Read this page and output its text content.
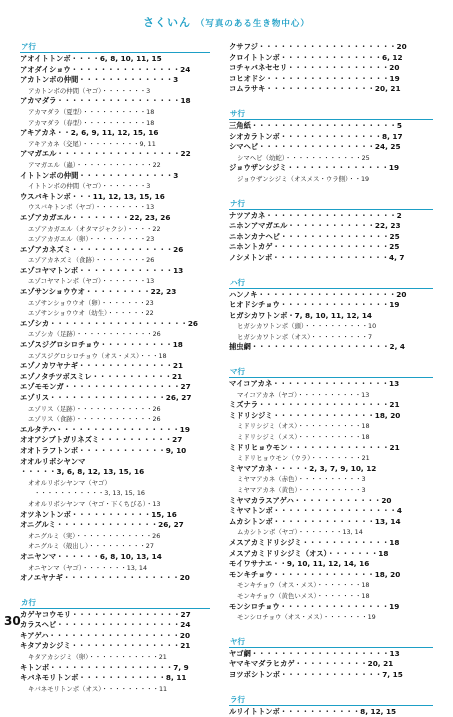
さくいん （写真のある生き物中心）
ア行
アオイトトンボ・・・・6, 8, 10, 11, 15
アオダイショウ・・・・・・・・・・・・・・・24
アカトンボの仲間・・・・・・・・・・・・・3
アカトンボの仲間（ヤゴ）・・・・・・・3
アカマダラ・・・・・・・・・・・・・・・・・18
アカマダラ（夏型）・・・・・・・・・・18
アカマダラ（春型）・・・・・・・・・・18
アキアカネ・・2, 6, 9, 11, 12, 15, 16
アキアカネ（交尾）・・・・・・・・・9, 11
アマガエル・・・・・・・・・・・・・・・・・22
アマガエル（蟲）・・・・・・・・・・・・22
イトトンボの仲間・・・・・・・・・・・・・3
イトトンボの仲間（ヤゴ）・・・・・・・3
ウスバキトンボ・・・11, 12, 13, 15, 16
ウスバキトンボ（ヤゴ）・・・・・・・・13
エゾアカガエル・・・・・・・・22, 23, 26
エゾアカガエル（オタマジャクシ）・・・・22
エゾアカガエル（卵）・・・・・・・・・23
エゾアカネズミ・・・・・・・・・・・・・・26
エゾアカネズミ（食跡）・・・・・・・・26
エゾコヤマトンボ・・・・・・・・・・・・・13
エゾコヤマトンボ（ヤゴ）・・・・・・・13
エゾサンショウウオ・・・・・・・・・22, 23
エゾサンショウウオ（卵）・・・・・・・23
エゾサンショウウオ（幼生）・・・・・・22
エゾシカ・・・・・・・・・・・・・・・・・・・26
エゾシカ（足跡）・・・・・・・・・・・・26
エゾスジグロシロチョウ・・・・・・・・・・18
エゾスジグロシロチョウ（オス・メス）・・・18
エゾノカワヤナギ・・・・・・・・・・・・・21
エゾノタチツボスミレ・・・・・・・・・・・21
エゾモモンガ・・・・・・・・・・・・・・・・27
エゾリス・・・・・・・・・・・・・・・・26, 27
エゾリス（足跡）・・・・・・・・・・・・26
エゾリス（食跡）・・・・・・・・・・・・26
エルタテハ・・・・・・・・・・・・・・・・・19
オオアシブトガリネズミ・・・・・・・・・・27
オオトラフトンボ・・・・・・・・・・・・9, 10
オオルリボシヤンマ
・・・・・3, 6, 8, 12, 13, 15, 16
オオルリボシヤンマ（ヤゴ）
・・・・・・・・・・・3, 13, 15, 16
オオルリボシヤンマ（ヤゴ・下くちびる）・13
オツネントンボ・・・・・・・・・・・15, 16
オニグルミ・・・・・・・・・・・・・・26, 27
オニグルミ（実）・・・・・・・・・・・・26
オニグルミ（殻出し）・・・・・・・・・27
オニヤンマ・・・・・・6, 8, 10, 13, 14
オニヤンマ（ヤゴ）・・・・・・・13, 14
オノエヤナギ・・・・・・・・・・・・・・・・20
カ行
カゲヤコウモリ・・・・・・・・・・・・・・・27
カラスヘビ・・・・・・・・・・・・・・・・・24
キアゲハ・・・・・・・・・・・・・・・・・・20
キタアカシジミ・・・・・・・・・・・・・・・21
キタアカシジミ（卵）・・・・・・・・・・・21
キトンボ・・・・・・・・・・・・・・・・・7, 9
キバネモリトンボ・・・・・・・・・・・・8, 11
キバネモリトンボ（オス）・・・・・・・・・11
クサフジ・・・・・・・・・・・・・・・・・・・20
クロイトトンボ・・・・・・・・・・・・・・6, 12
コチャバネセセリ・・・・・・・・・・・・・・20
コヒオドシ・・・・・・・・・・・・・・・・・19
コムラサキ・・・・・・・・・・・・・・・20, 21
サ行
三角紙・・・・・・・・・・・・・・・・・・・・5
シオカラトンボ・・・・・・・・・・・・・・8, 17
シマヘビ・・・・・・・・・・・・・・・・24, 25
シマヘビ（幼蛇）・・・・・・・・・・・・25
ジョウザンシジミ・・・・・・・・・・・・・・19
ジョウザンシジミ（オスメス・ウラ側）・・19
ナ行
ナツアカネ・・・・・・・・・・・・・・・・・・2
ニホンアマガエル・・・・・・・・・・・・22, 23
ニホンカナヘビ・・・・・・・・・・・・・・・25
ニホントカゲ・・・・・・・・・・・・・・・・25
ノシメトンボ・・・・・・・・・・・・・・・・4, 7
ハ行
ハンノキ・・・・・・・・・・・・・・・・・・・20
ヒオドシチョウ・・・・・・・・・・・・・・・19
ヒガシカワトンボ・7, 8, 10, 11, 12, 14
ヒガシカワトンボ（頭）・・・・・・・・・・10
ヒガシカワトンボ（オス）・・・・・・・・・7
捕虫網・・・・・・・・・・・・・・・・・・・2, 4
マ行
マイコアカネ・・・・・・・・・・・・・・・・13
マイコアカネ（ヤゴ）・・・・・・・・・・13
ミズナラ・・・・・・・・・・・・・・・・・・21
ミドリシジミ・・・・・・・・・・・・・・18, 20
ミドリシジミ（オス）・・・・・・・・・・18
ミドリシジミ（メス）・・・・・・・・・・18
ミドリヒョウモン・・・・・・・・・・・・・・21
ミドリヒョウモン（ウラ）・・・・・・・・21
ミヤマアカネ・・・・・2, 3, 7, 9, 10, 12
ミヤマアカネ（赤色）・・・・・・・・・・3
ミヤマアカネ（黄色）・・・・・・・・・・3
ミヤマカラスアゲハ・・・・・・・・・・・・20
ミヤマトンボ・・・・・・・・・・・・・・・・・4
ムカシトンボ・・・・・・・・・・・・・・13, 14
ムカシトンボ（ヤゴ）・・・・・・・13, 14
メスアカミドリシジミ・・・・・・・・・・・・18
メスアカミドリシジミ（オス）・・・・・・・18
モイワサナエ・・9, 10, 11, 12, 14, 16
モンキチョウ・・・・・・・・・・・・・・18, 20
モンキチョウ（オス・メス）・・・・・・・18
モンキチョウ（黄色いメス）・・・・・・・18
モンシロチョウ・・・・・・・・・・・・・・・19
モンシロチョウ（オス・メス）・・・・・・・19
ヤ行
ヤゴ網・・・・・・・・・・・・・・・・・・・13
ヤマキマダラヒカゲ・・・・・・・・・・20, 21
ヨツボシトンボ・・・・・・・・・・・・・・7, 15
ラ行
ルリイトトンボ・・・・・・・・・・・8, 12, 15
30
